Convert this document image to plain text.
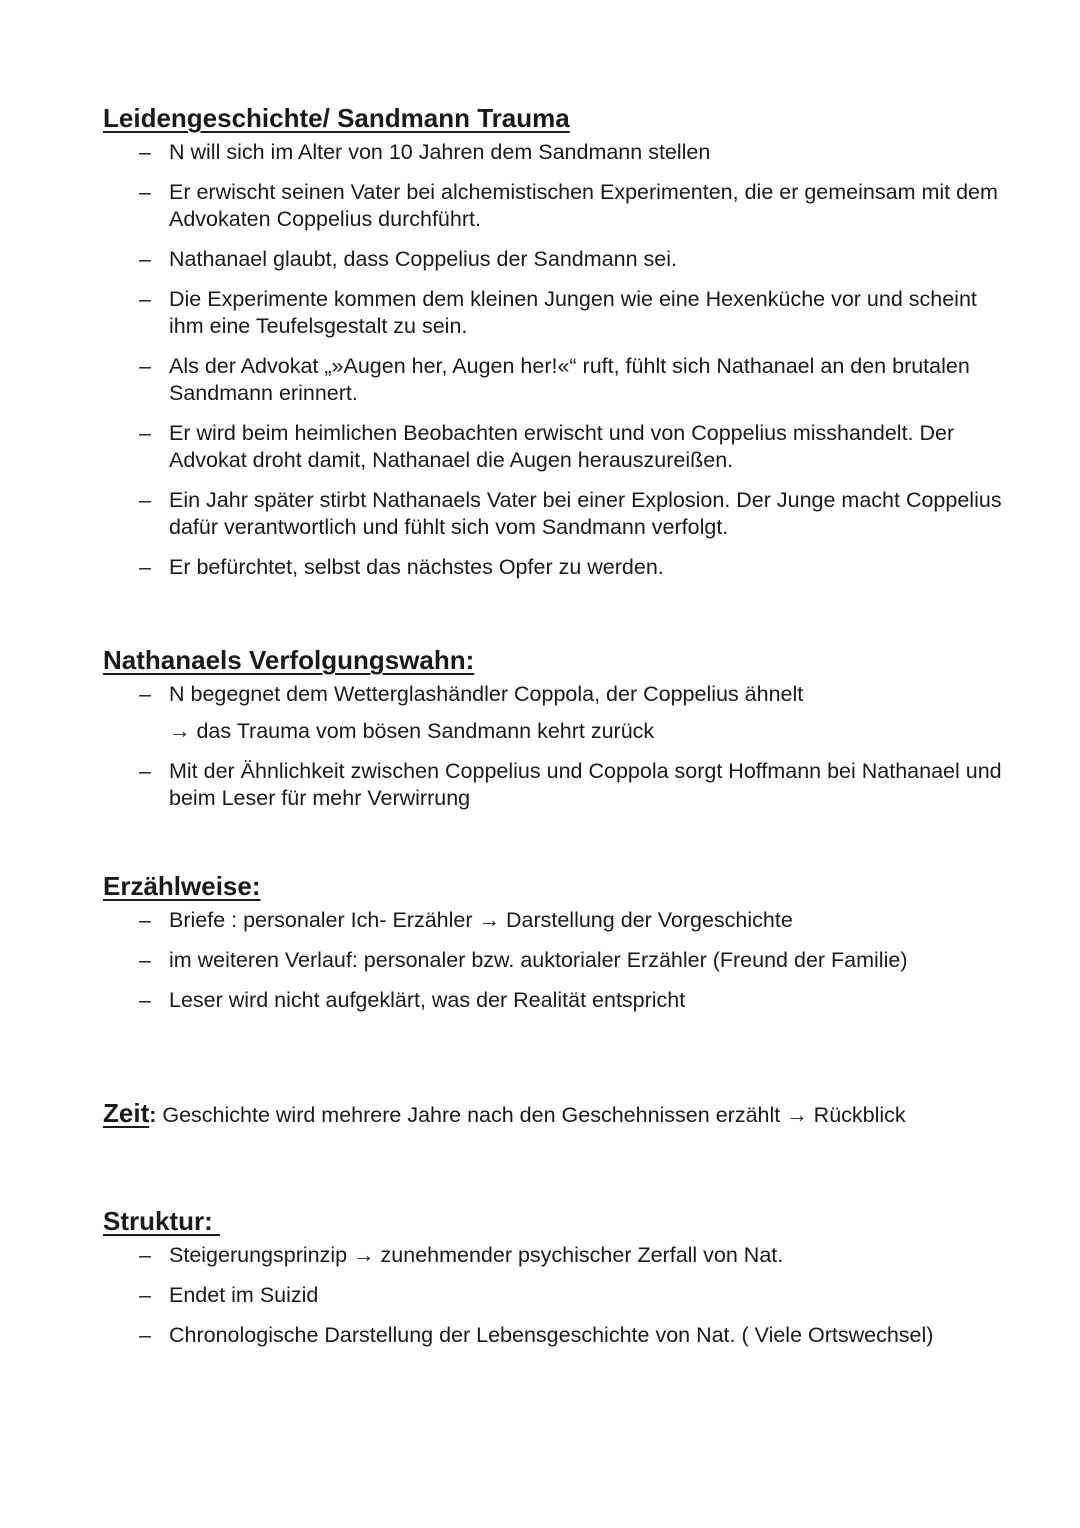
Leidengeschichte/ Sandmann Trauma
– N will sich im Alter von 10 Jahren dem Sandmann stellen
– Er erwischt seinen Vater bei alchemistischen Experimenten, die er gemeinsam mit dem Advokaten Coppelius durchführt.
– Nathanael glaubt, dass Coppelius der Sandmann sei.
– Die Experimente kommen dem kleinen Jungen wie eine Hexenküche vor und scheint ihm eine Teufelsgestalt zu sein.
– Als der Advokat „»Augen her, Augen her!«“ ruft, fühlt sich Nathanael an den brutalen Sandmann erinnert.
– Er wird beim heimlichen Beobachten erwischt und von Coppelius misshandelt. Der Advokat droht damit, Nathanael die Augen herauszureißen.
– Ein Jahr später stirbt Nathanaels Vater bei einer Explosion. Der Junge macht Coppelius dafür verantwortlich und fühlt sich vom Sandmann verfolgt.
– Er befürchtet, selbst das nächstes Opfer zu werden.
Nathanaels Verfolgungswahn:
– N begegnet dem Wetterglashändler Coppola, der Coppelius ähnelt
→ das Trauma vom bösen Sandmann kehrt zurück
– Mit der Ähnlichkeit zwischen Coppelius und Coppola sorgt Hoffmann bei Nathanael und beim Leser für mehr Verwirrung
Erzählweise:
– Briefe : personaler Ich- Erzähler → Darstellung der Vorgeschichte
– im weiteren Verlauf: personaler bzw. auktorialer Erzähler (Freund der Familie)
– Leser wird nicht aufgeklärt, was der Realität entspricht

Zeit: Geschichte wird mehrere Jahre nach den Geschehnissen erzählt → Rückblick

Struktur:
– Steigerungsprinzip → zunehmender psychischer Zerfall von Nat.
– Endet im Suizid
– Chronologische Darstellung der Lebensgeschichte von Nat. ( Viele Ortswechsel)
